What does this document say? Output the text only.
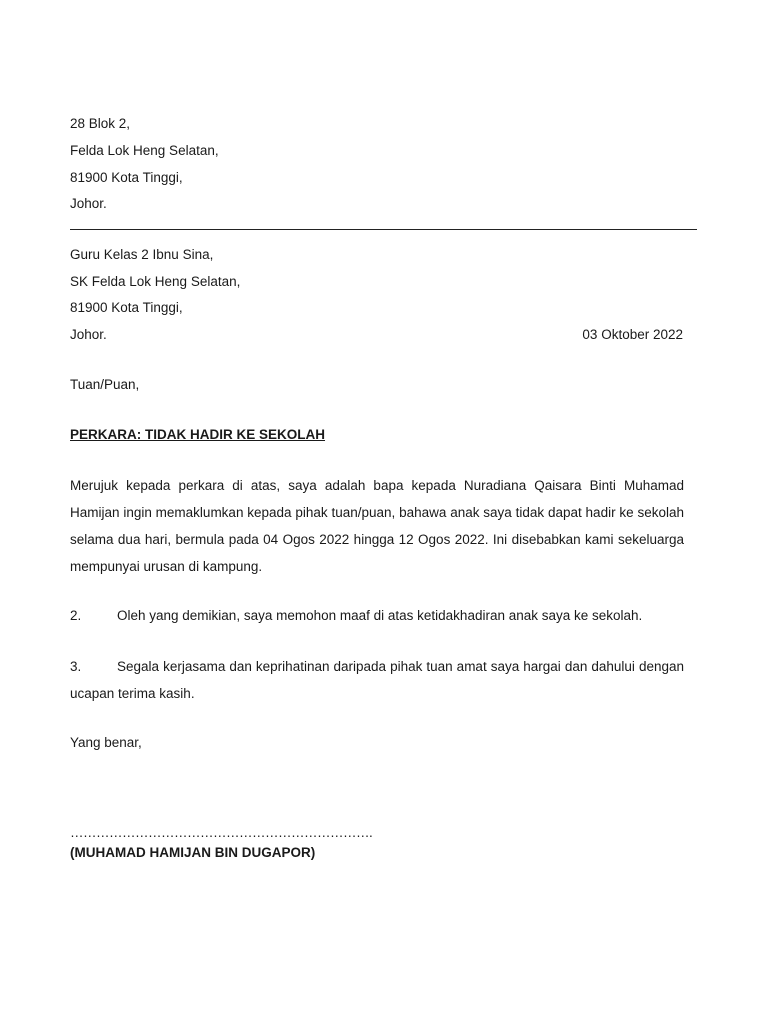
28 Blok 2,
Felda Lok Heng Selatan,
81900 Kota Tinggi,
Johor.
Guru Kelas 2 Ibnu Sina,
SK Felda Lok Heng Selatan,
81900 Kota Tinggi,
Johor.	03 Oktober 2022
Tuan/Puan,
PERKARA: TIDAK HADIR KE SEKOLAH
Merujuk kepada perkara di atas, saya adalah bapa kepada Nuradiana Qaisara Binti Muhamad Hamijan ingin memaklumkan kepada pihak tuan/puan, bahawa anak saya tidak dapat hadir ke sekolah selama dua hari, bermula pada 04 Ogos 2022 hingga 12 Ogos 2022. Ini disebabkan kami sekeluarga mempunyai urusan di kampung.
2.	Oleh yang demikian, saya memohon maaf di atas ketidakhadiran anak saya ke sekolah.
3.	Segala kerjasama dan keprihatinan daripada pihak tuan amat saya hargai dan dahului dengan ucapan terima kasih.
Yang benar,
…………………………………………………………….
(MUHAMAD HAMIJAN BIN DUGAPOR)
